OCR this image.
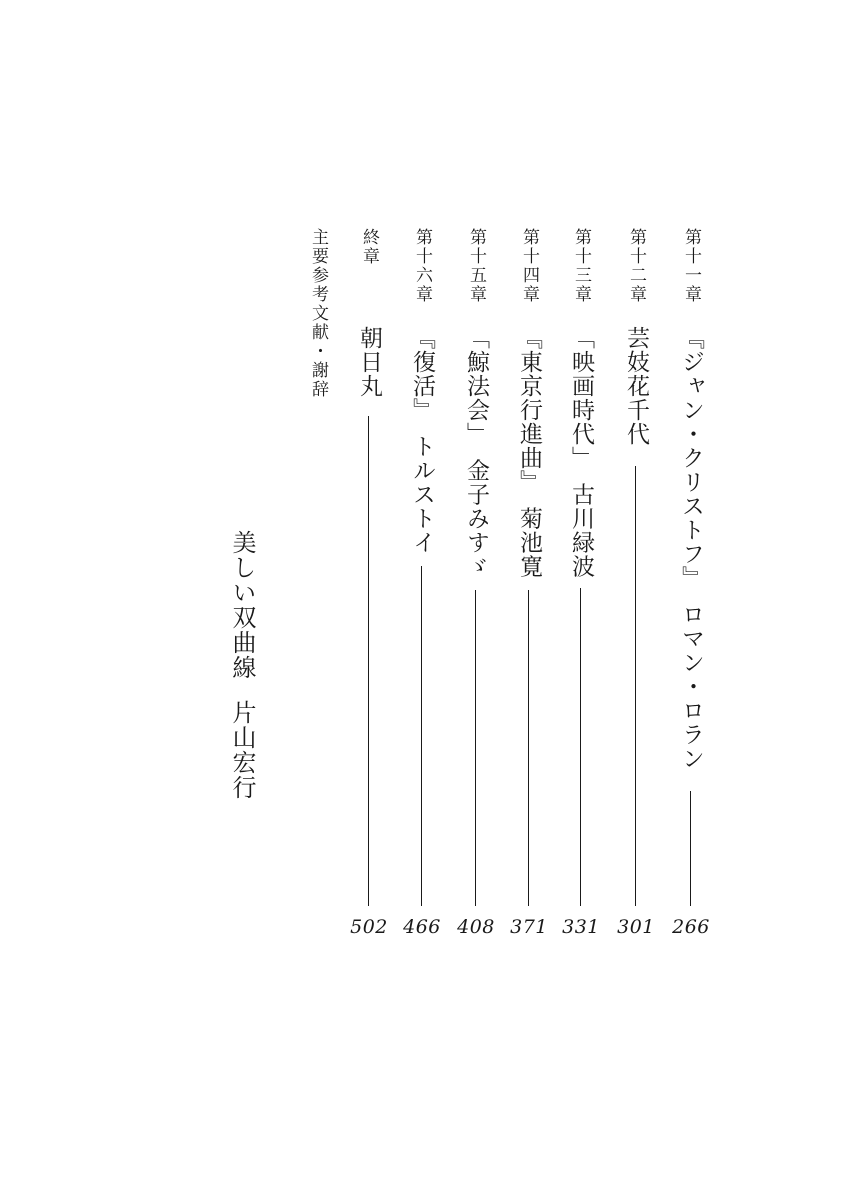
第十一章
『ジャン・クリストフ』　ロマン・ロラン
266
第十二章
芸妓花千代
301
第十三章
「映画時代」　古川緑波
331
第十四章
『東京行進曲』　菊池寛
371
第十五章
「鯨法会」　金子みすゞ
408
第十六章
『復活』　トルストイ
466
終章
朝日丸
502
主要参考文献・謝辞
美しい双曲線
片山宏行
